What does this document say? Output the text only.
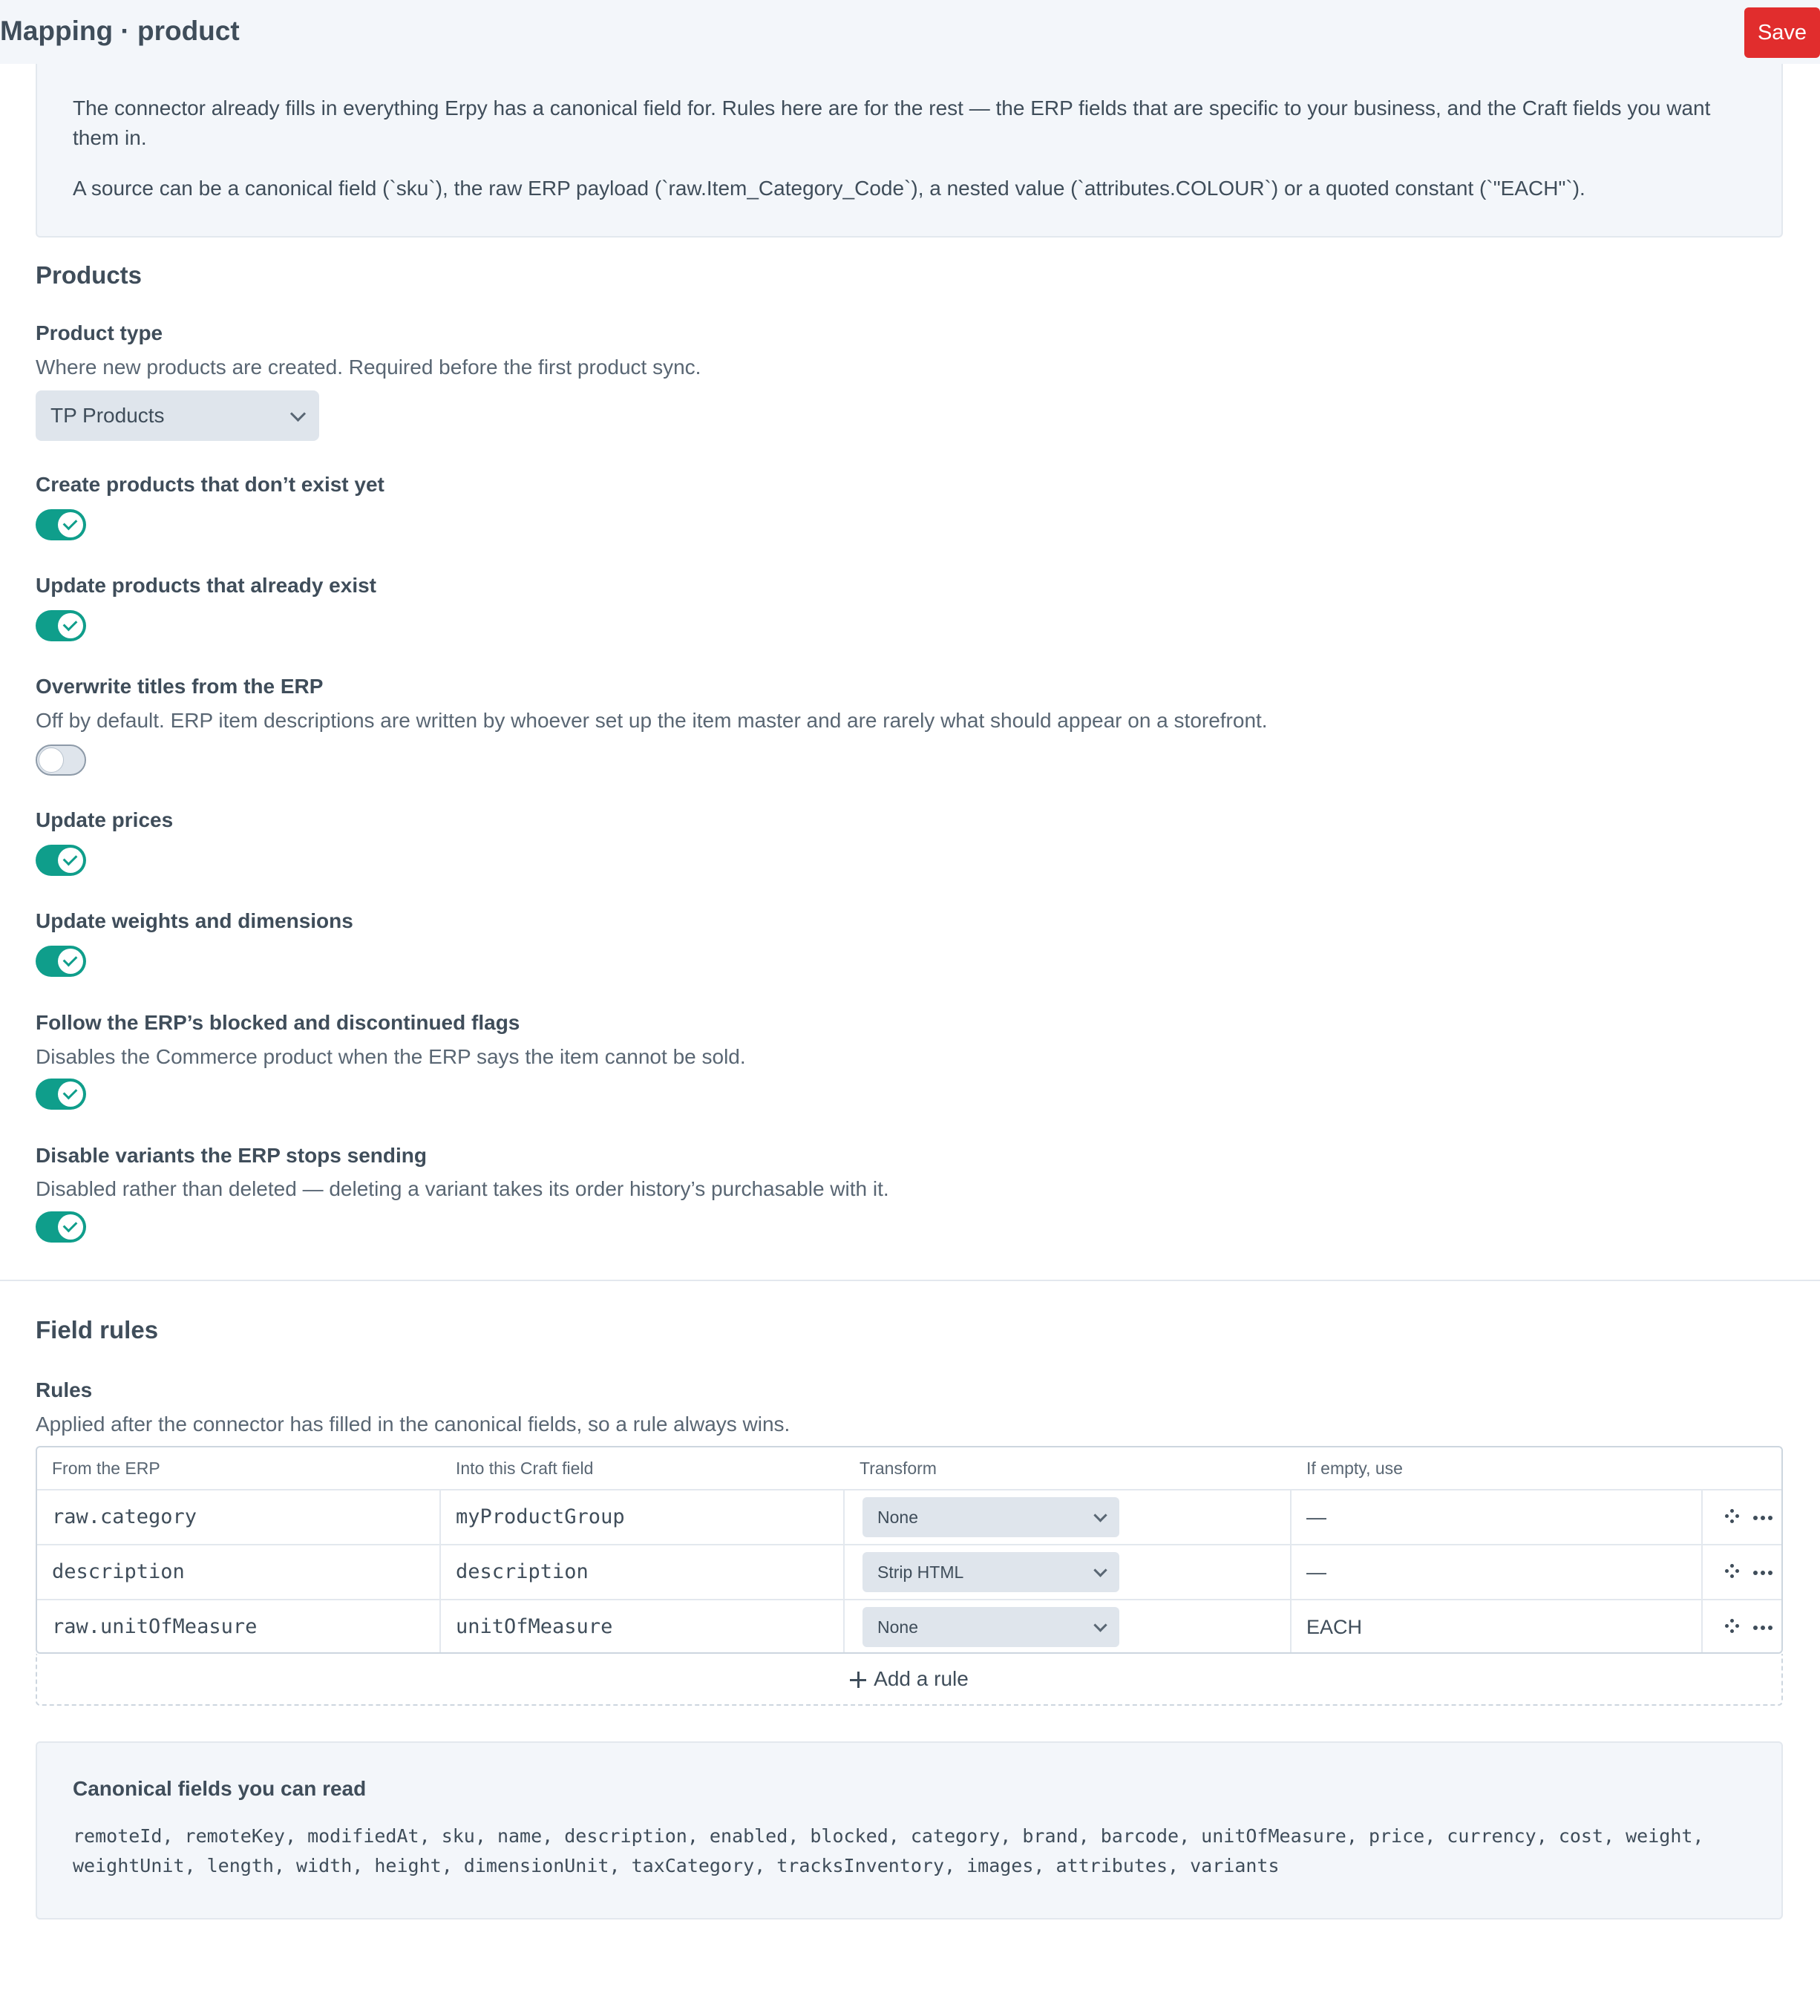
Mapping · product	Save

The connector already fills in everything Erpy has a canonical field for. Rules here are for the rest — the ERP fields that are specific to your business, and the Craft fields you want them in.

A source can be a canonical field (`sku`), the raw ERP payload (`raw.Item_Category_Code`), a nested value (`attributes.COLOUR`) or a quoted constant (`"EACH"`).

Products
Product type
Where new products are created. Required before the first product sync.
TP Products
Create products that don’t exist yet
Update products that already exist
Overwrite titles from the ERP
Off by default. ERP item descriptions are written by whoever set up the item master and are rarely what should appear on a storefront.
Update prices
Update weights and dimensions
Follow the ERP’s blocked and discontinued flags
Disables the Commerce product when the ERP says the item cannot be sold.
Disable variants the ERP stops sending
Disabled rather than deleted — deleting a variant takes its order history’s purchasable with it.
Field rules
Rules
Applied after the connector has filled in the canonical fields, so a rule always wins.
From the ERP	Into this Craft field	Transform	If empty, use
raw.category	myProductGroup	None	—
description	description	Strip HTML	—
raw.unitOfMeasure	unitOfMeasure	None	EACH
Add a rule
Canonical fields you can read

remoteId, remoteKey, modifiedAt, sku, name, description, enabled, blocked, category, brand, barcode, unitOfMeasure, price, currency, cost, weight, weightUnit, length, width, height, dimensionUnit, taxCategory, tracksInventory, images, attributes, variants
